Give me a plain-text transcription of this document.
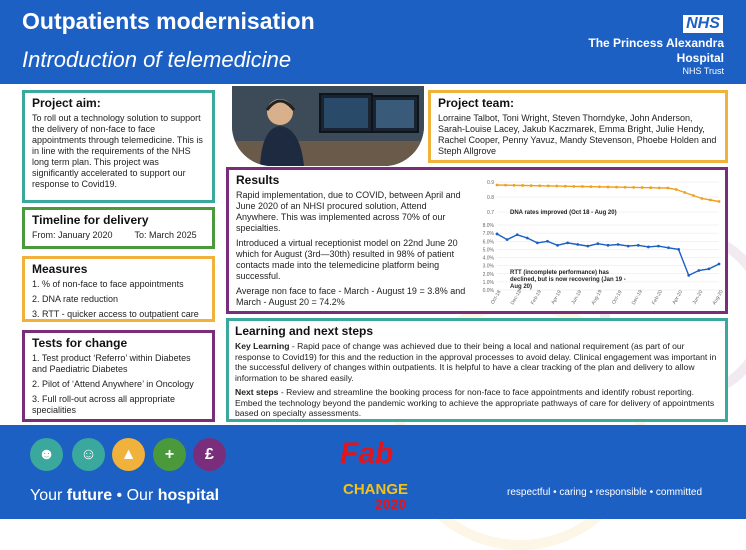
Outpatients modernisation
Introduction of telemedicine
NHS
The Princess Alexandra
Hospital
NHS Trust
Project aim:

To roll out a technology solution to support the delivery of non-face to face appointments through telemedicine. This is in line with the requirements of the NHS long term plan. This project was significantly accelerated to support our response to Covid19.

Timeline for delivery

From: January 2020 To: March 2025

Measures

1. % of non-face to face appointments

2. DNA rate reduction

3. RTT - quicker access to outpatient care

Tests for change

1. Test product ‘Referro’ within Diabetes and Paediatric Diabetes

2. Pilot of ‘Attend Anywhere’ in Oncology

3. Full roll-out across all appropriate specialities

Project team:

Lorraine Talbot, Toni Wright, Steven Thorndyke, John Anderson, Sarah-Louise Lacey, Jakub Kaczmarek, Emma Bright, Julie Hendy, Rachel Cooper, Penny Yavuz, Mandy Stevenson, Phoebe Holden and Steph Allgrove

Results

Rapid implementation, due to COVID, between April and June 2020 of an NHSI procured solution, Attend Anywhere. This was implemented across 70% of our specialties.

Introduced a virtual receptionist model on 22nd June 20 which for August (3rd—30th) resulted in 98% of patient contacts made into the telemedicine platform being successful.

Average non face to face - March - August 19 = 3.8% and March - August 20 = 74.2%

0.9
0.8
0.7
8.0%
7.0%
6.0%
5.0%
4.0%
3.0%
2.0%
1.0%
0.0%
Oct-18 Dec-18 Feb-19 Apr-19 Jun-19 Aug-19 Oct-19 Dec-19 Feb-20 Apr-20 Jun-20 Aug-20
DNA rates improved (Oct 18 - Aug 20)
RTT (incomplete performance) has declined, but is now recovering (Jan 19 - Aug 20)
Learning and next steps

Key Learning - Rapid pace of change was achieved due to their being a local and national requirement (as part of our response to Covid19) for this and the reduction in the approval processes to avoid delay. Clinical engagement was important in the successful delivery of changes within outpatients. It is helpful to have a clear tracking of the plan and delivery to allow information to be shared easily.

Next steps - Review and streamline the booking process for non-face to face appointments and identify robust reporting. Embed the technology beyond the pandemic working to achieve the appropriate pathways of care for delivery of appointments based on specialty assessments.

☻	☺	▲	+	£
Your future • Our hospital
Fab
CHANGE
2020
respectful • caring • responsible • committed
